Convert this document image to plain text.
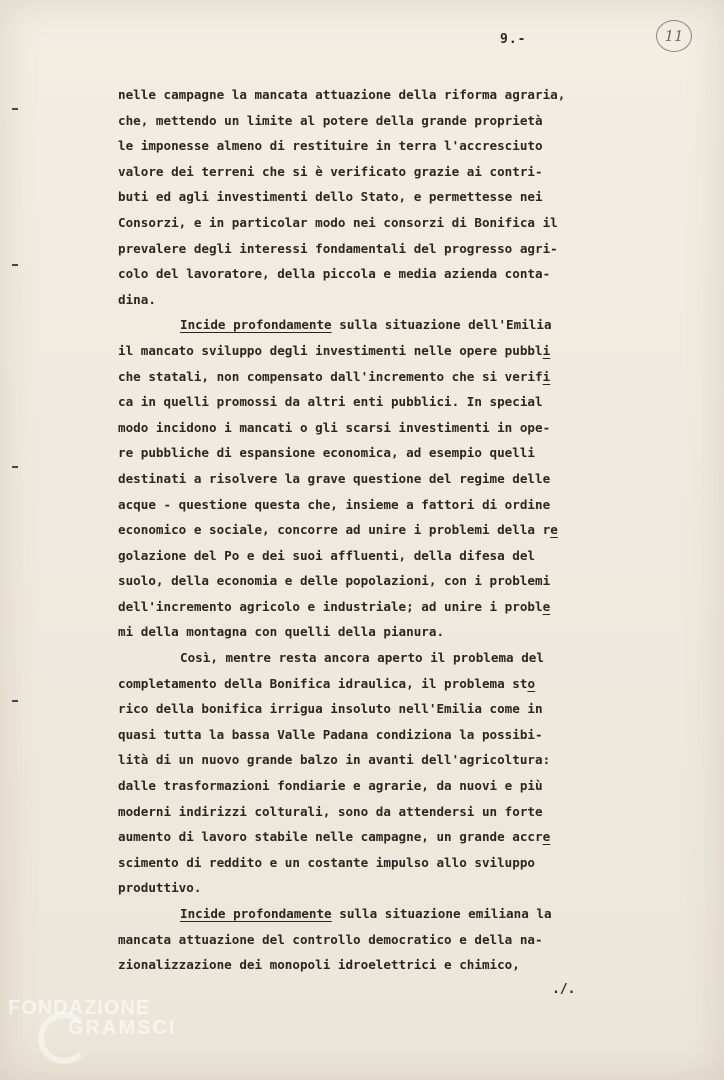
11
9.-
nelle campagne la mancata attuazione della riforma agraria,
che, mettendo un limite al potere della grande proprietà
le imponesse almeno di restituire in terra l'accresciuto
valore dei terreni che si è verificato grazie ai contri-
buti ed agli investimenti dello Stato, e permettesse nei
Consorzi, e in particolar modo nei consorzi di Bonifica il
prevalere degli interessi fondamentali del progresso agri-
colo del lavoratore, della piccola e media azienda conta-
dina.
Incide profondamente sulla situazione dell'Emilia
il mancato sviluppo degli investimenti nelle opere pubbli
che statali, non compensato dall'incremento che si verifi
ca in quelli promossi da altri enti pubblici. In special
modo incidono i mancati o gli scarsi investimenti in ope-
re pubbliche di espansione economica, ad esempio quelli
destinati a risolvere la grave questione del regime delle
acque - questione questa che, insieme a fattori di ordine
economico e sociale, concorre ad unire i problemi della re
golazione del Po e dei suoi affluenti, della difesa del
suolo, della economia e delle popolazioni, con i problemi
dell'incremento agricolo e industriale; ad unire i proble
mi della montagna con quelli della pianura.
Così, mentre resta ancora aperto il problema del
completamento della Bonifica idraulica, il problema sto
rico della bonifica irrigua insoluto nell'Emilia come in
quasi tutta la bassa Valle Padana condiziona la possibi-
lità di un nuovo grande balzo in avanti dell'agricoltura:
dalle trasformazioni fondiarie e agrarie, da nuovi e più
moderni indirizzi colturali, sono da attendersi un forte
aumento di lavoro stabile nelle campagne, un grande accre
scimento di reddito e un costante impulso allo sviluppo
produttivo.
Incide profondamente sulla situazione emiliana la
mancata attuazione del controllo democratico e della na-
zionalizzazione dei monopoli idroelettrici e chimico,
./.
FONDAZIONE
GRAMSCI
